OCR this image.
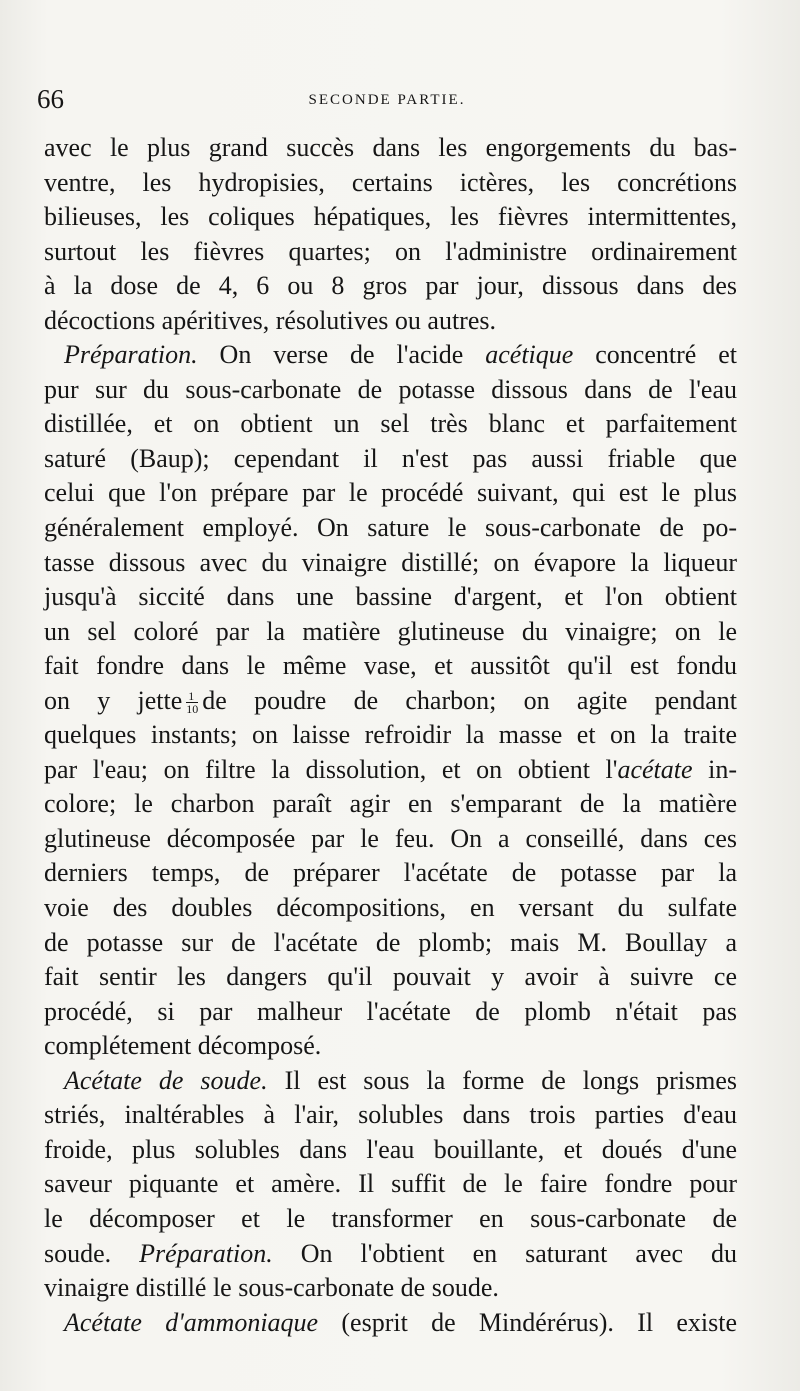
66	SECONDE PARTIE.
avec le plus grand succès dans les engorgements du bas-
ventre, les hydropisies, certains ictères, les concrétions
bilieuses, les coliques hépatiques, les fièvres intermittentes,
surtout les fièvres quartes; on l'administre ordinairement
à la dose de 4, 6 ou 8 gros par jour, dissous dans des
décoctions apéritives, résolutives ou autres.
Préparation. On verse de l'acide acétique concentré et
pur sur du sous-carbonate de potasse dissous dans de l'eau
distillée, et on obtient un sel très blanc et parfaitement
saturé (Baup); cependant il n'est pas aussi friable que
celui que l'on prépare par le procédé suivant, qui est le plus
généralement employé. On sature le sous-carbonate de po-
tasse dissous avec du vinaigre distillé; on évapore la liqueur
jusqu'à siccité dans une bassine d'argent, et l'on obtient
un sel coloré par la matière glutineuse du vinaigre; on le
fait fondre dans le même vase, et aussitôt qu'il est fondu
on y jette $\frac{1}{10}$ de poudre de charbon; on agite pendant
quelques instants; on laisse refroidir la masse et on la traite
par l'eau; on filtre la dissolution, et on obtient l'acétate in-
colore; le charbon paraît agir en s'emparant de la matière
glutineuse décomposée par le feu. On a conseillé, dans ces
derniers temps, de préparer l'acétate de potasse par la
voie des doubles décompositions, en versant du sulfate
de potasse sur de l'acétate de plomb; mais M. Boullay a
fait sentir les dangers qu'il pouvait y avoir à suivre ce
procédé, si par malheur l'acétate de plomb n'était pas
complétement décomposé.
Acétate de soude. Il est sous la forme de longs prismes
striés, inaltérables à l'air, solubles dans trois parties d'eau
froide, plus solubles dans l'eau bouillante, et doués d'une
saveur piquante et amère. Il suffit de le faire fondre pour
le décomposer et le transformer en sous-carbonate de
soude. Préparation. On l'obtient en saturant avec du
vinaigre distillé le sous-carbonate de soude.
Acétate d'ammoniaque (esprit de Mindérérus). Il existe
